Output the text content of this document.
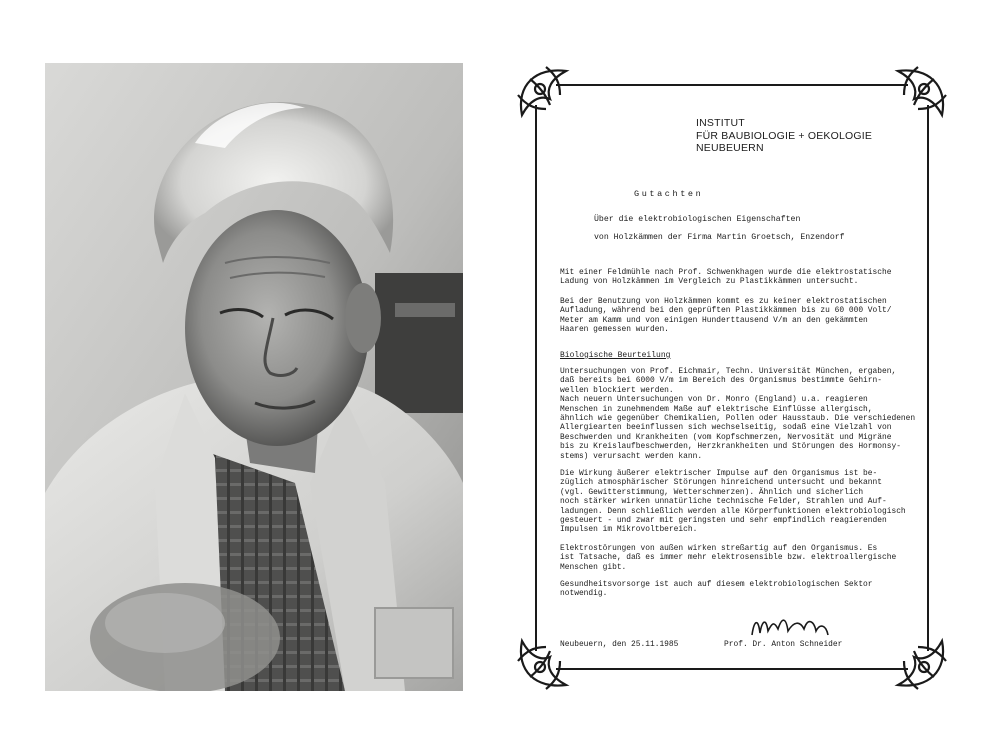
INSTITUT
FÜR BAUBIOLOGIE + OEKOLOGIE
NEUBEUERN
Gutachten
Über die elektrobiologischen Eigenschaften
von Holzkämmen der Firma Martin Groetsch, Enzendorf
Mit einer Feldmühle nach Prof. Schwenkhagen wurde die elektrostatische
Ladung von Holzkämmen im Vergleich zu Plastikkämmen untersucht.
Bei der Benutzung von Holzkämmen kommt es zu keiner elektrostatischen
Aufladung, während bei den geprüften Plastikkämmen bis zu 60 000 Volt/
Meter am Kamm und von einigen Hunderttausend V/m an den gekämmten
Haaren gemessen wurden.
Biologische Beurteilung
Untersuchungen von Prof. Eichmair, Techn. Universität München, ergaben,
daß bereits bei 6000 V/m im Bereich des Organismus bestimmte Gehirn-
wellen blockiert werden.
Nach neuern Untersuchungen von Dr. Monro (England) u.a. reagieren
Menschen in zunehmendem Maße auf elektrische Einflüsse allergisch,
ähnlich wie gegenüber Chemikalien, Pollen oder Hausstaub. Die verschiedenen
Allergiearten beeinflussen sich wechselseitig, sodaß eine Vielzahl von
Beschwerden und Krankheiten (vom Kopfschmerzen, Nervosität und Migräne
bis zu Kreislaufbeschwerden, Herzkrankheiten und Störungen des Hormonsy-
stems) verursacht werden kann.
Die Wirkung äußerer elektrischer Impulse auf den Organismus ist be-
züglich atmosphärischer Störungen hinreichend untersucht und bekannt
(vgl. Gewitterstimmung, Wetterschmerzen). Ähnlich und sicherlich
noch stärker wirken unnatürliche technische Felder, Strahlen und Auf-
ladungen. Denn schließlich werden alle Körperfunktionen elektrobiologisch
gesteuert - und zwar mit geringsten und sehr empfindlich reagierenden
Impulsen im Mikrovoltbereich.
Elektrostörungen von außen wirken streßartig auf den Organismus. Es
ist Tatsache, daß es immer mehr elektrosensible bzw. elektroallergische
Menschen gibt.
Gesundheitsvorsorge ist auch auf diesem elektrobiologischen Sektor
notwendig.
Neubeuern, den 25.11.1985	Prof. Dr. Anton Schneider
